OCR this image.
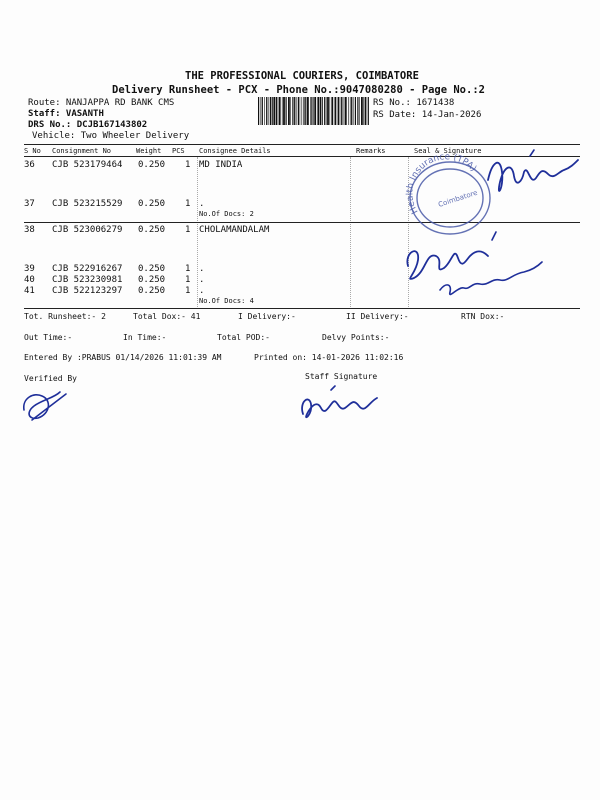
THE PROFESSIONAL COURIERS, COIMBATORE
Delivery Runsheet - PCX - Phone No.:9047080280 - Page No.:2
Route: NANJAPPA RD BANK CMS
Staff: VASANTH
DRS No.: DCJB167143802
Vehicle: Two Wheeler Delivery
RS No.: 1671438
RS Date: 14-Jan-2026
S No Consignment No	Weight PCS Consignee Details	Remarks	Seal & Signature
36 CJB 523179464 0.250 1 MD INDIA
37 CJB 523215529 0.250 1 .
No.Of Docs: 2
38 CJB 523006279 0.250 1 CHOLAMANDALAM
39 CJB 522916267 0.250 1 .
40 CJB 523230981 0.250 1 .
41 CJB 522123297 0.250 1 .
No.Of Docs: 4
Tot. Runsheet:- 2	Total Dox:- 41	I Delivery:-	II Delivery:-	RTN Dox:-
Out Time:-	In Time:-	Total POD:-	Delvy Points:-
Entered By :PRABUS 01/14/2026 11:01:39 AM	Printed on: 14-01-2026 11:02:16
Verified By	Staff Signature
Health Insurance (TPA)
Coimbatore
